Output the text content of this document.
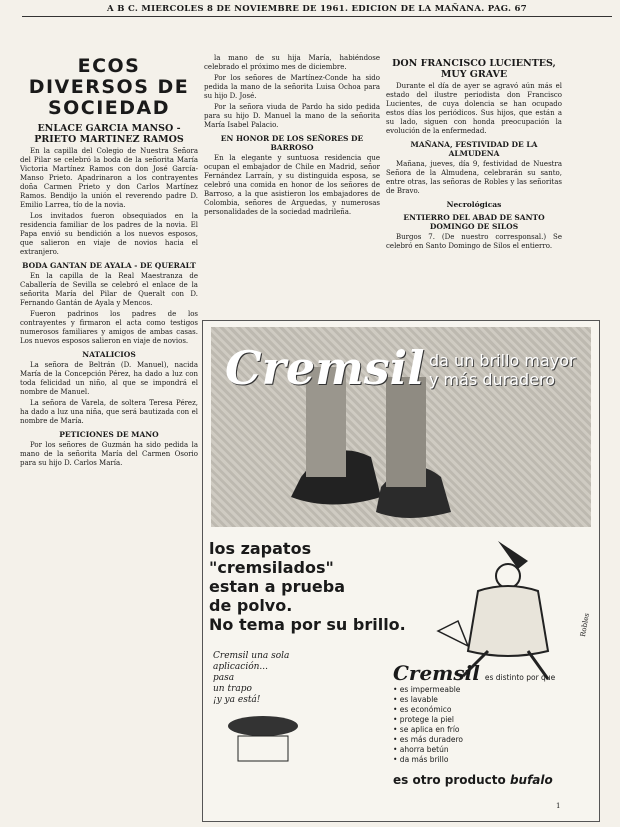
A B C. MIERCOLES 8 DE NOVIEMBRE DE 1961. EDICION DE LA MAÑANA. PAG. 67
ECOS DIVERSOS DE SOCIEDAD
ENLACE GARCIA MANSO - PRIETO MARTINEZ RAMOS

En la capilla del Colegio de Nuestra Señora del Pilar se celebró la boda de la señorita María Victoria Martínez Ramos con don José García-Manso Prieto. Apadrinaron a los contrayentes doña Carmen Prieto y don Carlos Martínez Ramos. Bendijo la unión el reverendo padre D. Emilio Larrea, tío de la novia.

Los invitados fueron obsequiados en la residencia familiar de los padres de la novia. El Papa envió su bendición a los nuevos esposos, que salieron en viaje de novios hacia el extranjero.

BODA GANTAN DE AYALA - DE QUERALT

En la capilla de la Real Maestranza de Caballería de Sevilla se celebró el enlace de la señorita María del Pilar de Queralt con D. Fernando Gantán de Ayala y Mencos.

Fueron padrinos los padres de los contrayentes y firmaron el acta como testigos numerosos familiares y amigos de ambas casas. Los nuevos esposos salieron en viaje de novios.

NATALICIOS

La señora de Beltrán (D. Manuel), nacida María de la Concepción Pérez, ha dado a luz con toda felicidad un niño, al que se impondrá el nombre de Manuel.

La señora de Varela, de soltera Teresa Pérez, ha dado a luz una niña, que será bautizada con el nombre de María.

PETICIONES DE MANO

Por los señores de Guzmán ha sido pedida la mano de la señorita María del Carmen Osorio para su hijo D. Carlos María.

la mano de su hija María, habiéndose celebrado el próximo mes de diciembre.

Por los señores de Martínez-Conde ha sido pedida la mano de la señorita Luisa Ochoa para su hijo D. José.

Por la señora viuda de Pardo ha sido pedida para su hijo D. Manuel la mano de la señorita María Isabel Palacio.

EN HONOR DE LOS SEÑORES DE BARROSO

En la elegante y suntuosa residencia que ocupan el embajador de Chile en Madrid, señor Fernández Larraín, y su distinguida esposa, se celebró una comida en honor de los señores de Barroso, a la que asistieron los embajadores de Colombia, señores de Arguedas, y numerosas personalidades de la sociedad madrileña.

DON FRANCISCO LUCIENTES, MUY GRAVE

Durante el día de ayer se agravó aún más el estado del ilustre periodista don Francisco Lucientes, de cuya dolencia se han ocupado estos días los periódicos. Sus hijos, que están a su lado, siguen con honda preocupación la evolución de la enfermedad.

MAÑANA, FESTIVIDAD DE LA ALMUDENA

Mañana, jueves, día 9, festividad de Nuestra Señora de la Almudena, celebrarán su santo, entre otras, las señoras de Robles y las señoritas de Bravo.

Necrológicas
ENTIERRO DEL ABAD DE SANTO DOMINGO DE SILOS

Burgos 7. (De nuestro corresponsal.) Se celebró en Santo Domingo de Silos el entierro.

Cremsil da un brillo mayor
y más duradero
los zapatos
"cremsilados"
estan a prueba
de polvo.
No tema por su brillo.	Robles
Cremsil una sola
aplicación...
pasa
un trapo
¡y ya está!
Cremsil es distinto por que
• es impermeable
• es lavable
• es económico
• protege la piel
• se aplica en frío
• es más duradero
• ahorra betún
• da más brillo
es otro producto bufalo
1
